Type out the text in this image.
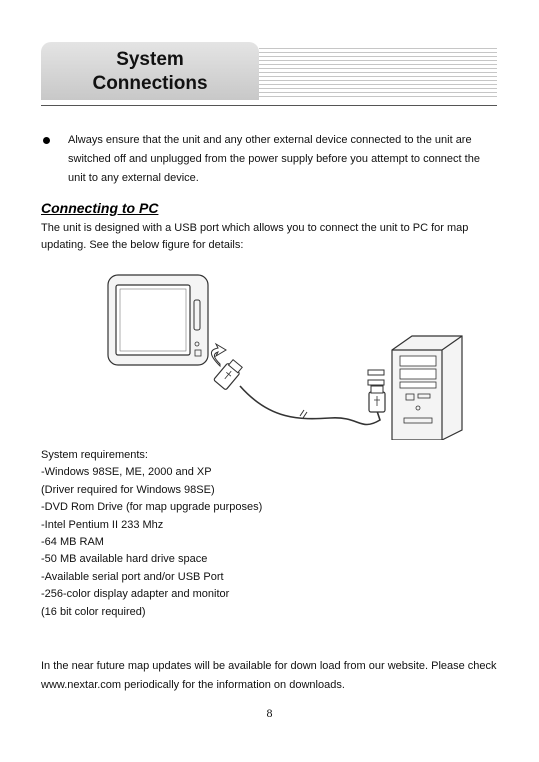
System
Connections
Always ensure that the unit and any other external device connected to the unit are switched off and unplugged from the power supply before you attempt to connect the unit to any external device.
Connecting to PC
The unit is designed with a USB port which allows you to connect the unit to PC for map updating. See the below figure for details:
System requirements:
-Windows 98SE, ME, 2000 and XP
(Driver required for Windows 98SE)
-DVD Rom Drive (for map upgrade purposes)
-Intel Pentium II 233 Mhz
-64 MB RAM
-50 MB available hard drive space
-Available serial port and/or USB Port
-256-color display adapter and monitor
(16 bit color required)
In the near future map updates will be available for down load from our website. Please check www.nextar.com periodically for the information on downloads.
8
